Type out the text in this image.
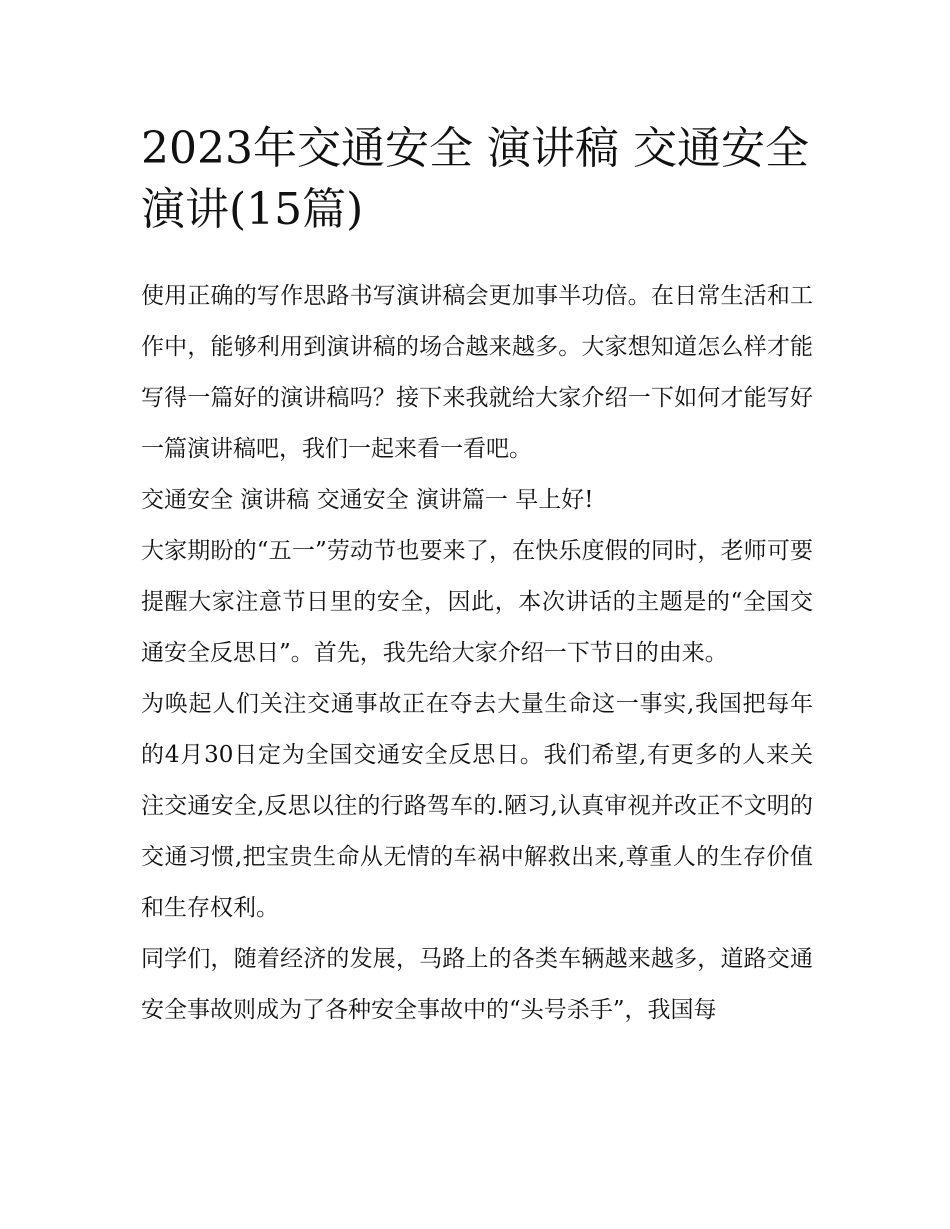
2023年交通安全 演讲稿 交通安全 演讲(15篇)

使用正确的写作思路书写演讲稿会更加事半功倍。在日常生活和工作中，能够利用到演讲稿的场合越来越多。大家想知道怎么样才能写得一篇好的演讲稿吗？接下来我就给大家介绍一下如何才能写好一篇演讲稿吧，我们一起来看一看吧。

交通安全 演讲稿 交通安全 演讲篇一 早上好!

大家期盼的“五一”劳动节也要来了，在快乐度假的同时，老师可要提醒大家注意节日里的安全，因此，本次讲话的主题是的“全国交通安全反思日”。首先，我先给大家介绍一下节日的由来。

为唤起人们关注交通事故正在夺去大量生命这一事实,我国把每年的4月30日定为全国交通安全反思日。我们希望,有更多的人来关注交通安全,反思以往的行路驾车的.陋习,认真审视并改正不文明的交通习惯,把宝贵生命从无情的车祸中解救出来,尊重人的生存价值和生存权利。

同学们，随着经济的发展，马路上的各类车辆越来越多，道路交通安全事故则成为了各种安全事故中的“头号杀手”，我国每
